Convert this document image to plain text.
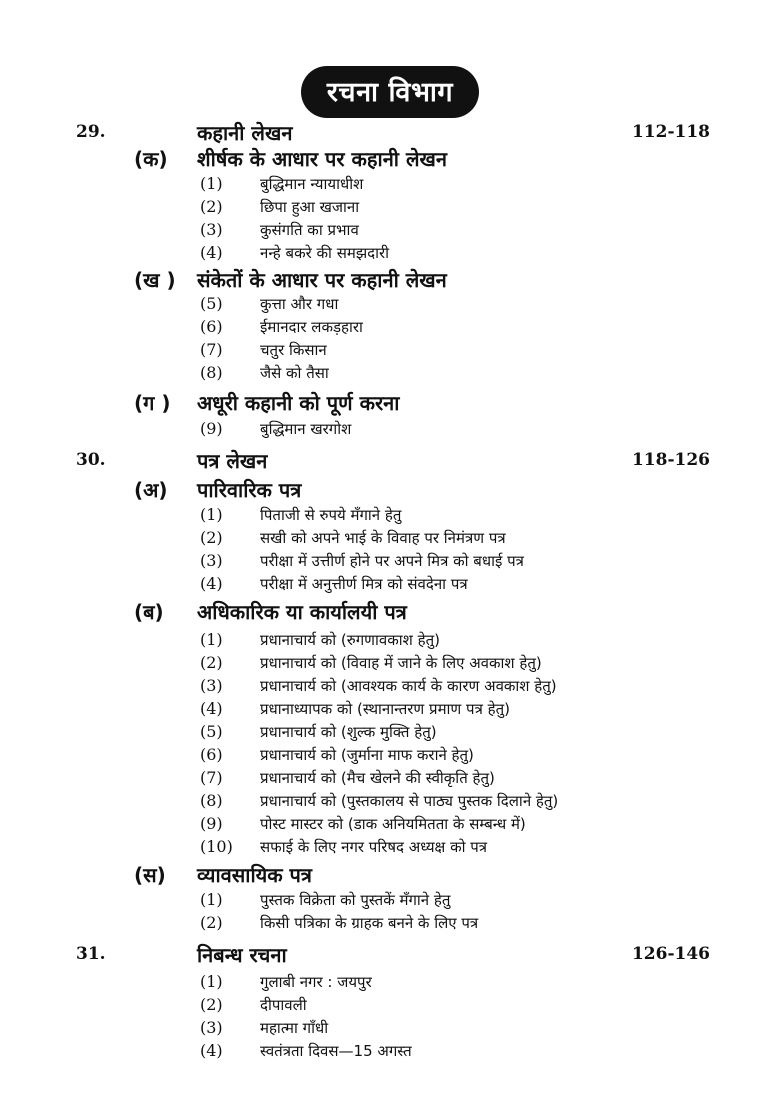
रचना विभाग
29.	कहानी लेखन	112-118
(क) शीर्षक के आधार पर कहानी लेखन
(1) बुद्धिमान न्यायाधीश
(2) छिपा हुआ खजाना
(3) कुसंगति का प्रभाव
(4) नन्हे बकरे की समझदारी
(ख ) संकेतों के आधार पर कहानी लेखन
(5) कुत्ता और गधा
(6) ईमानदार लकड़हारा
(7) चतुर किसान
(8) जैसे को तैसा
(ग ) अधूरी कहानी को पूर्ण करना
(9) बुद्धिमान खरगोश
30.	पत्र लेखन	118-126
(अ) पारिवारिक पत्र
(1) पिताजी से रुपये मँगाने हेतु
(2) सखी को अपने भाई के विवाह पर निमंत्रण पत्र
(3) परीक्षा में उत्तीर्ण होने पर अपने मित्र को बधाई पत्र
(4) परीक्षा में अनुत्तीर्ण मित्र को संवदेना पत्र
(ब) अधिकारिक या कार्यालयी पत्र
(1) प्रधानाचार्य को (रुगणावकाश हेतु)
(2) प्रधानाचार्य को (विवाह में जाने के लिए अवकाश हेतु)
(3) प्रधानाचार्य को (आवश्यक कार्य के कारण अवकाश हेतु)
(4) प्रधानाध्यापक को (स्थानान्तरण प्रमाण पत्र हेतु)
(5) प्रधानाचार्य को (शुल्क मुक्ति हेतु)
(6) प्रधानाचार्य को (जुर्माना माफ कराने हेतु)
(7) प्रधानाचार्य को (मैच खेलने की स्वीकृति हेतु)
(8) प्रधानाचार्य को (पुस्तकालय से पाठ्य पुस्तक दिलाने हेतु)
(9) पोस्ट मास्टर को (डाक अनियमितता के सम्बन्ध में)
(10) सफाई के लिए नगर परिषद अध्यक्ष को पत्र
(स) व्यावसायिक पत्र
(1) पुस्तक विक्रेता को पुस्तकें मँगाने हेतु
(2) किसी पत्रिका के ग्राहक बनने के लिए पत्र
31.	निबन्ध रचना	126-146
(1) गुलाबी नगर : जयपुर
(2) दीपावली
(3) महात्मा गाँधी
(4) स्वतंत्रता दिवस—15 अगस्त
